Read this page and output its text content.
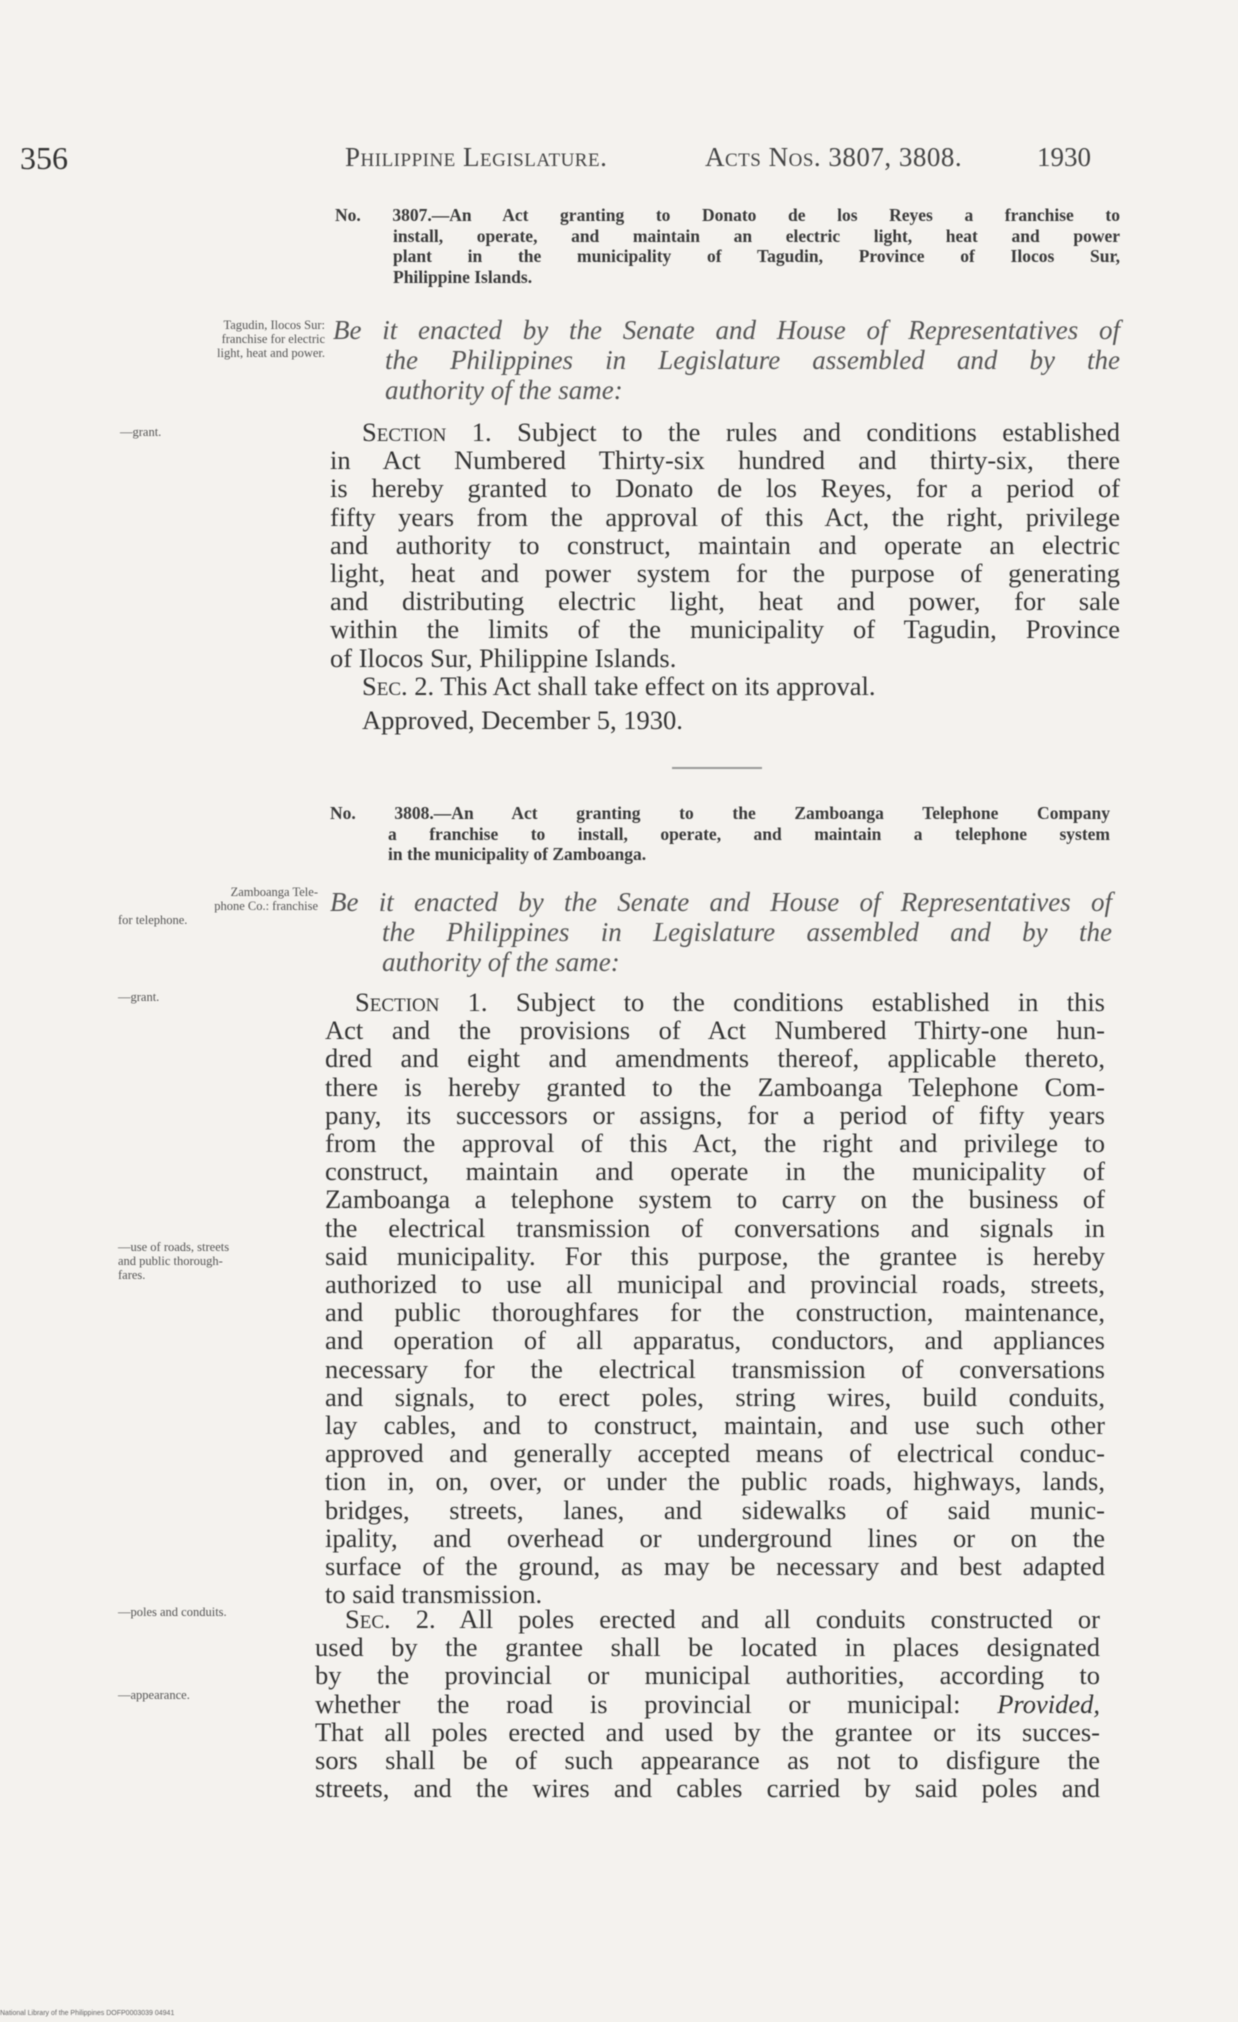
356	Philippine Legislature.	Acts Nos. 3807, 3808.	1930
No. 3807.—An Act granting to Donato de los Reyes a franchise to
install, operate, and maintain an electric light, heat and power
plant in the municipality of Tagudin, Province of Ilocos Sur,
Philippine Islands.
Tagudin, Ilocos Sur:
franchise for electric
light, heat and power.
Be it enacted by the Senate and House of Representatives of
the Philippines in Legislature assembled and by the
authority of the same:
—grant.	Section 1. Subject to the rules and conditions established
in Act Numbered Thirty-six hundred and thirty-six, there
is hereby granted to Donato de los Reyes, for a period of
fifty years from the approval of this Act, the right, privilege
and authority to construct, maintain and operate an electric
light, heat and power system for the purpose of generating
and distributing electric light, heat and power, for sale
within the limits of the municipality of Tagudin, Province
of Ilocos Sur, Philippine Islands.
Sec. 2. This Act shall take effect on its approval.
Approved, December 5, 1930.
No. 3808.—An Act granting to the Zamboanga Telephone Company
a franchise to install, operate, and maintain a telephone system
in the municipality of Zamboanga.
Zamboanga Tele-
phone Co.: franchise
for telephone.
Be it enacted by the Senate and House of Representatives of
the Philippines in Legislature assembled and by the
authority of the same:
—grant.	Section 1. Subject to the conditions established in this
Act and the provisions of Act Numbered Thirty-one hun-
dred and eight and amendments thereof, applicable thereto,
there is hereby granted to the Zamboanga Telephone Com-
pany, its successors or assigns, for a period of fifty years
from the approval of this Act, the right and privilege to
construct, maintain and operate in the municipality of
Zamboanga a telephone system to carry on the business of
the electrical transmission of conversations and signals in
said municipality. For this purpose, the grantee is hereby
authorized to use all municipal and provincial roads, streets,
and public thoroughfares for the construction, maintenance,
and operation of all apparatus, conductors, and appliances
necessary for the electrical transmission of conversations
and signals, to erect poles, string wires, build conduits,
lay cables, and to construct, maintain, and use such other
approved and generally accepted means of electrical conduc-
tion in, on, over, or under the public roads, highways, lands,
bridges, streets, lanes, and sidewalks of said munic-
ipality, and overhead or underground lines or on the
surface of the ground, as may be necessary and best adapted
to said transmission.
—use of roads, streets
and public thorough-
fares.
—poles and conduits.
—appearance.
Sec. 2. All poles erected and all conduits constructed or
used by the grantee shall be located in places designated
by the provincial or municipal authorities, according to
whether the road is provincial or municipal: Provided,
That all poles erected and used by the grantee or its succes-
sors shall be of such appearance as not to disfigure the
streets, and the wires and cables carried by said poles and
National Library of the Philippines DOFP0003039 04941
